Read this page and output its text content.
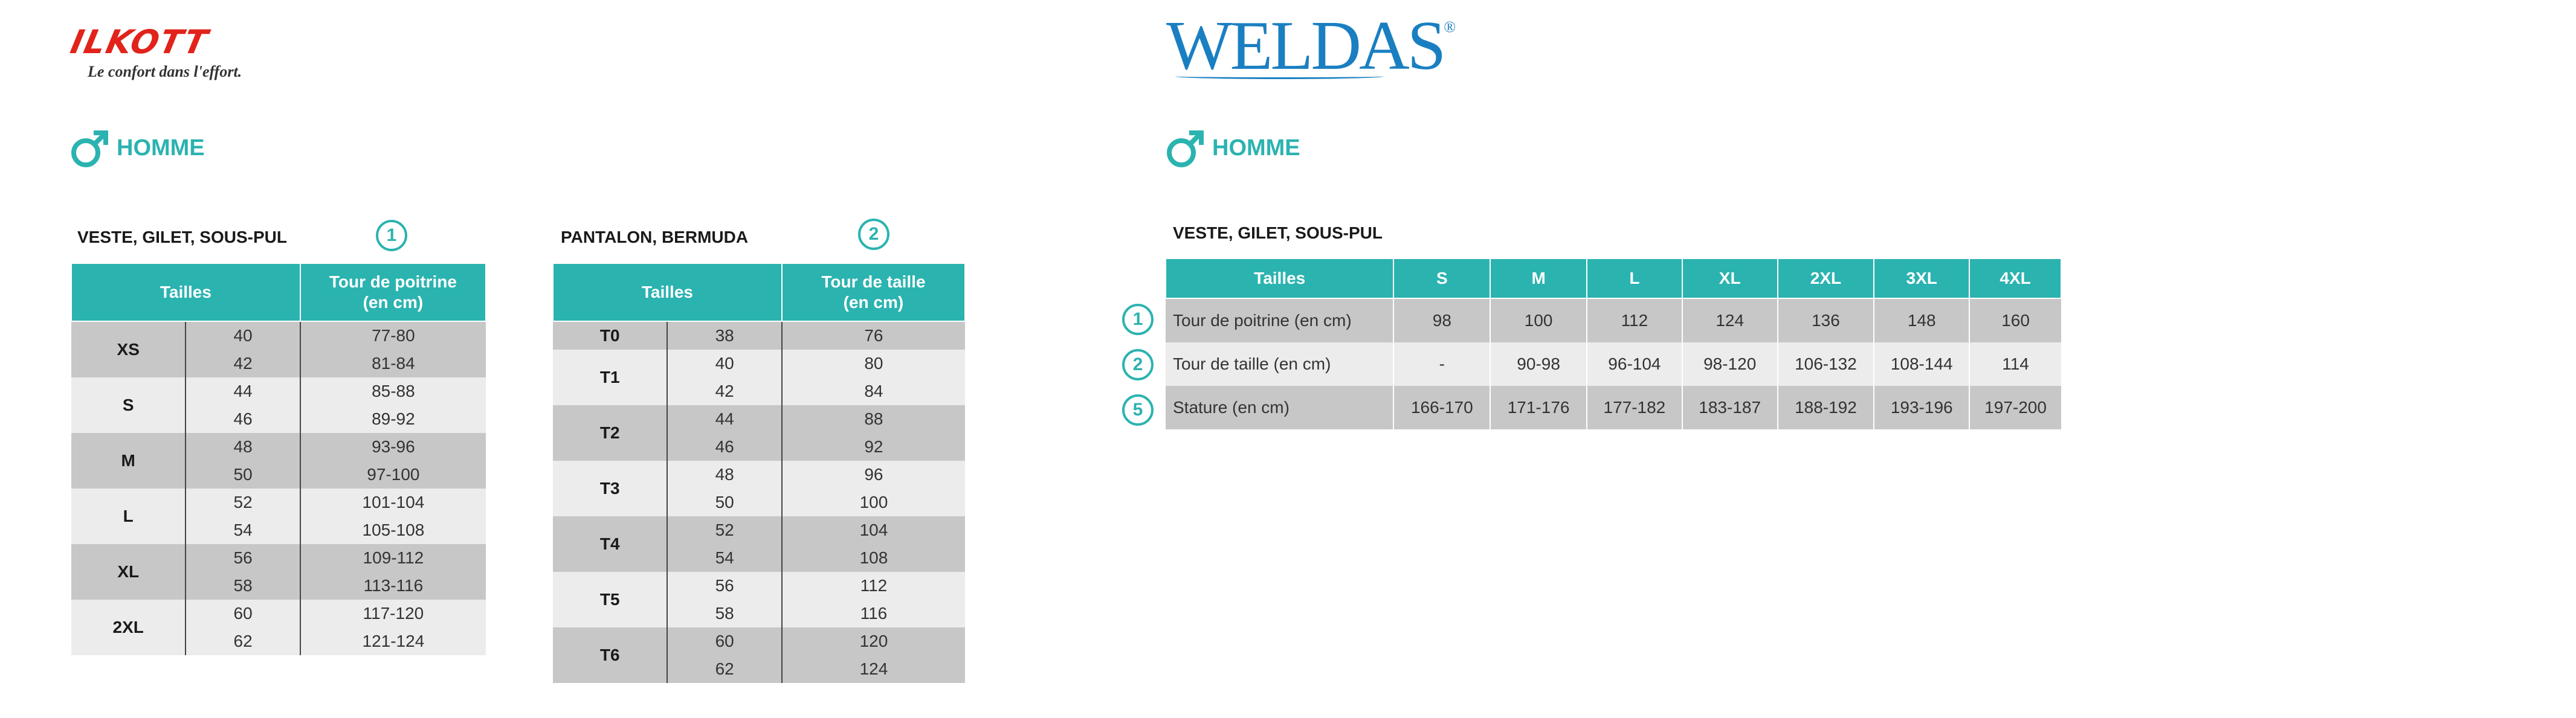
ILKOTT
Le confort dans l'effort.	WELDAS®
HOMME	HOMME
VESTE, GILET, SOUS-PUL	1
Tailles		Tour de poitrine
(en cm)
XS	40	77-80
	42	81-84
S	44	85-88
	46	89-92
M	48	93-96
	50	97-100
L	52	101-104
	54	105-108
XL	56	109-112
	58	113-116
2XL	60	117-120
	62	121-124
PANTALON, BERMUDA	2
Tailles		Tour de taille
(en cm)
T0	38	76
T1	40	80
	42	84
T2	44	88
	46	92
T3	48	96
	50	100
T4	52	104
	54	108
T5	56	112
	58	116
T6	60	120
	62	124
VESTE, GILET, SOUS-PUL
1
2
5
Tailles	S	M	L	XL	2XL	3XL	4XL
Tour de poitrine (en cm)	98	100	112	124	136	148	160
Tour de taille (en cm)	-	90-98	96-104	98-120	106-132	108-144	114
Stature (en cm)	166-170	171-176	177-182	183-187	188-192	193-196	197-200
